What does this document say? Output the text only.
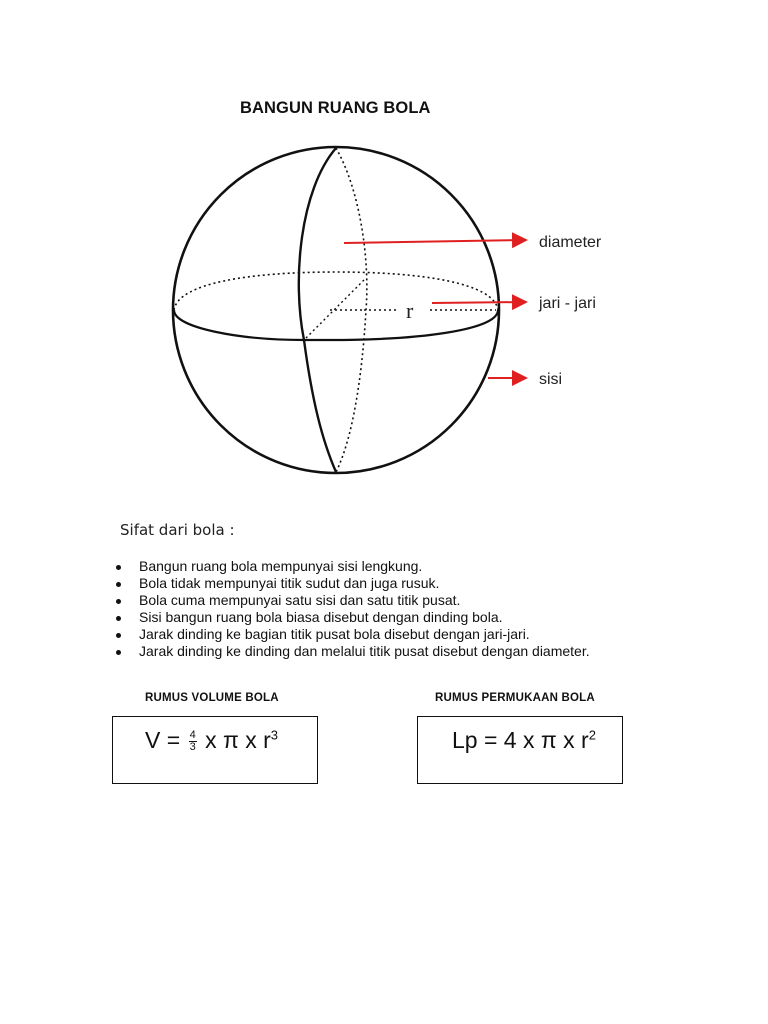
BANGUN RUANG BOLA
r
diameter
jari - jari
sisi
Sifat dari bola :
Bangun ruang bola mempunyai sisi lengkung.
Bola tidak mempunyai titik sudut dan juga rusuk.
Bola cuma mempunyai satu sisi dan satu titik pusat.
Sisi bangun ruang bola biasa disebut dengan dinding bola.
Jarak dinding ke bagian titik pusat bola disebut dengan jari-jari.
Jarak dinding ke dinding dan melalui titik pusat disebut dengan diameter.
RUMUS VOLUME BOLA	RUMUS PERMUKAAN BOLA
$V = \frac{4}{3}$ x π x $r^3$	Lp = 4 x π x $r^2$
